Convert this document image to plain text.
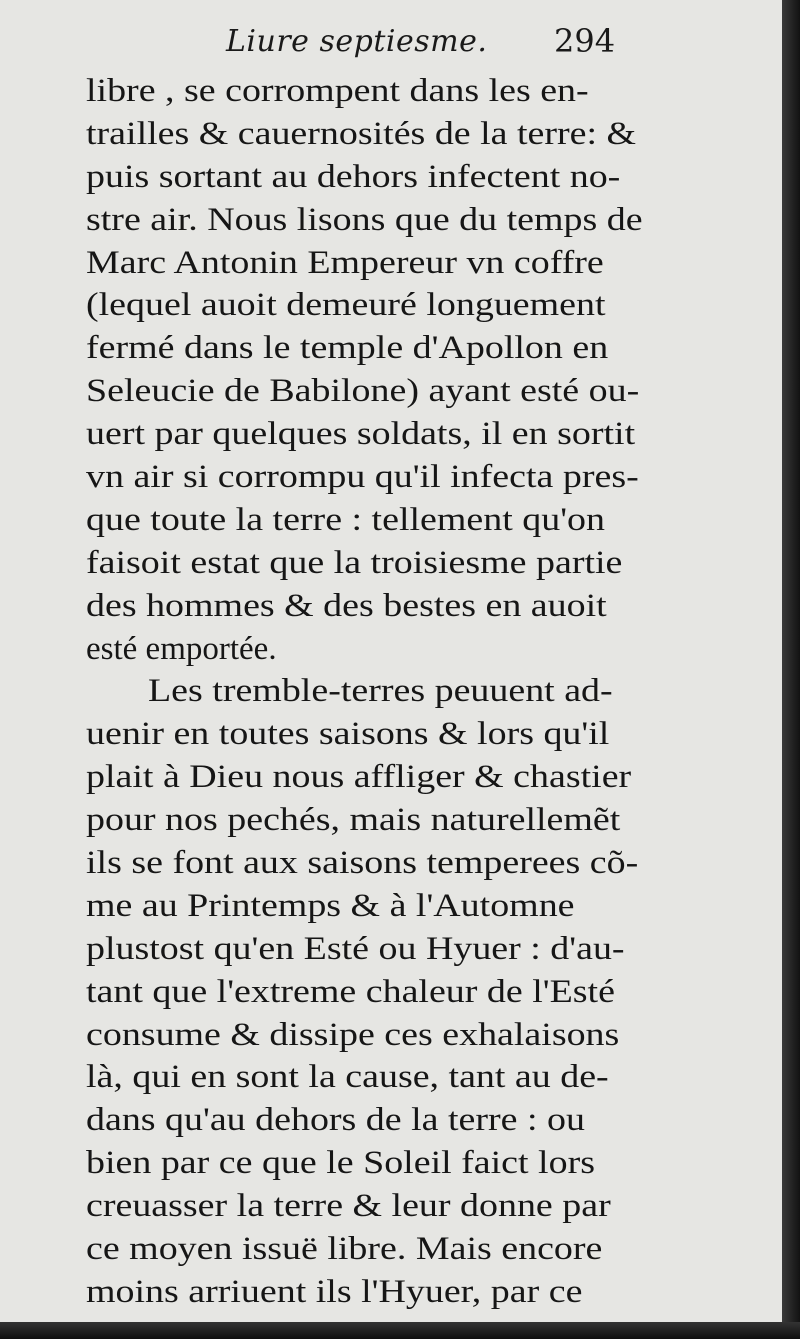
Liure septiesme. 294
libre , se corrompent dans les en-
trailles & cauernosités de la terre: &
puis sortant au dehors infectent no-
stre air. Nous lisons que du temps de
Marc Antonin Empereur vn coffre
(lequel auoit demeuré longuement
fermé dans le temple d'Apollon en
Seleucie de Babilone) ayant esté ou-
uert par quelques soldats, il en sortit
vn air si corrompu qu'il infecta pres-
que toute la terre : tellement qu'on
faisoit estat que la troisiesme partie
des hommes & des bestes en auoit
esté emportée.
Les tremble-terres peuuent ad-
uenir en toutes saisons & lors qu'il
plait à Dieu nous affliger & chastier
pour nos pechés, mais naturellemẽt
ils se font aux saisons temperees cõ-
me au Printemps & à l'Automne
plustost qu'en Esté ou Hyuer : d'au-
tant que l'extreme chaleur de l'Esté
consume & dissipe ces exhalaisons
là, qui en sont la cause, tant au de-
dans qu'au dehors de la terre : ou
bien par ce que le Soleil faict lors
creuasser la terre & leur donne par
ce moyen issuë libre. Mais encore
moins arriuent ils l'Hyuer, par ce
